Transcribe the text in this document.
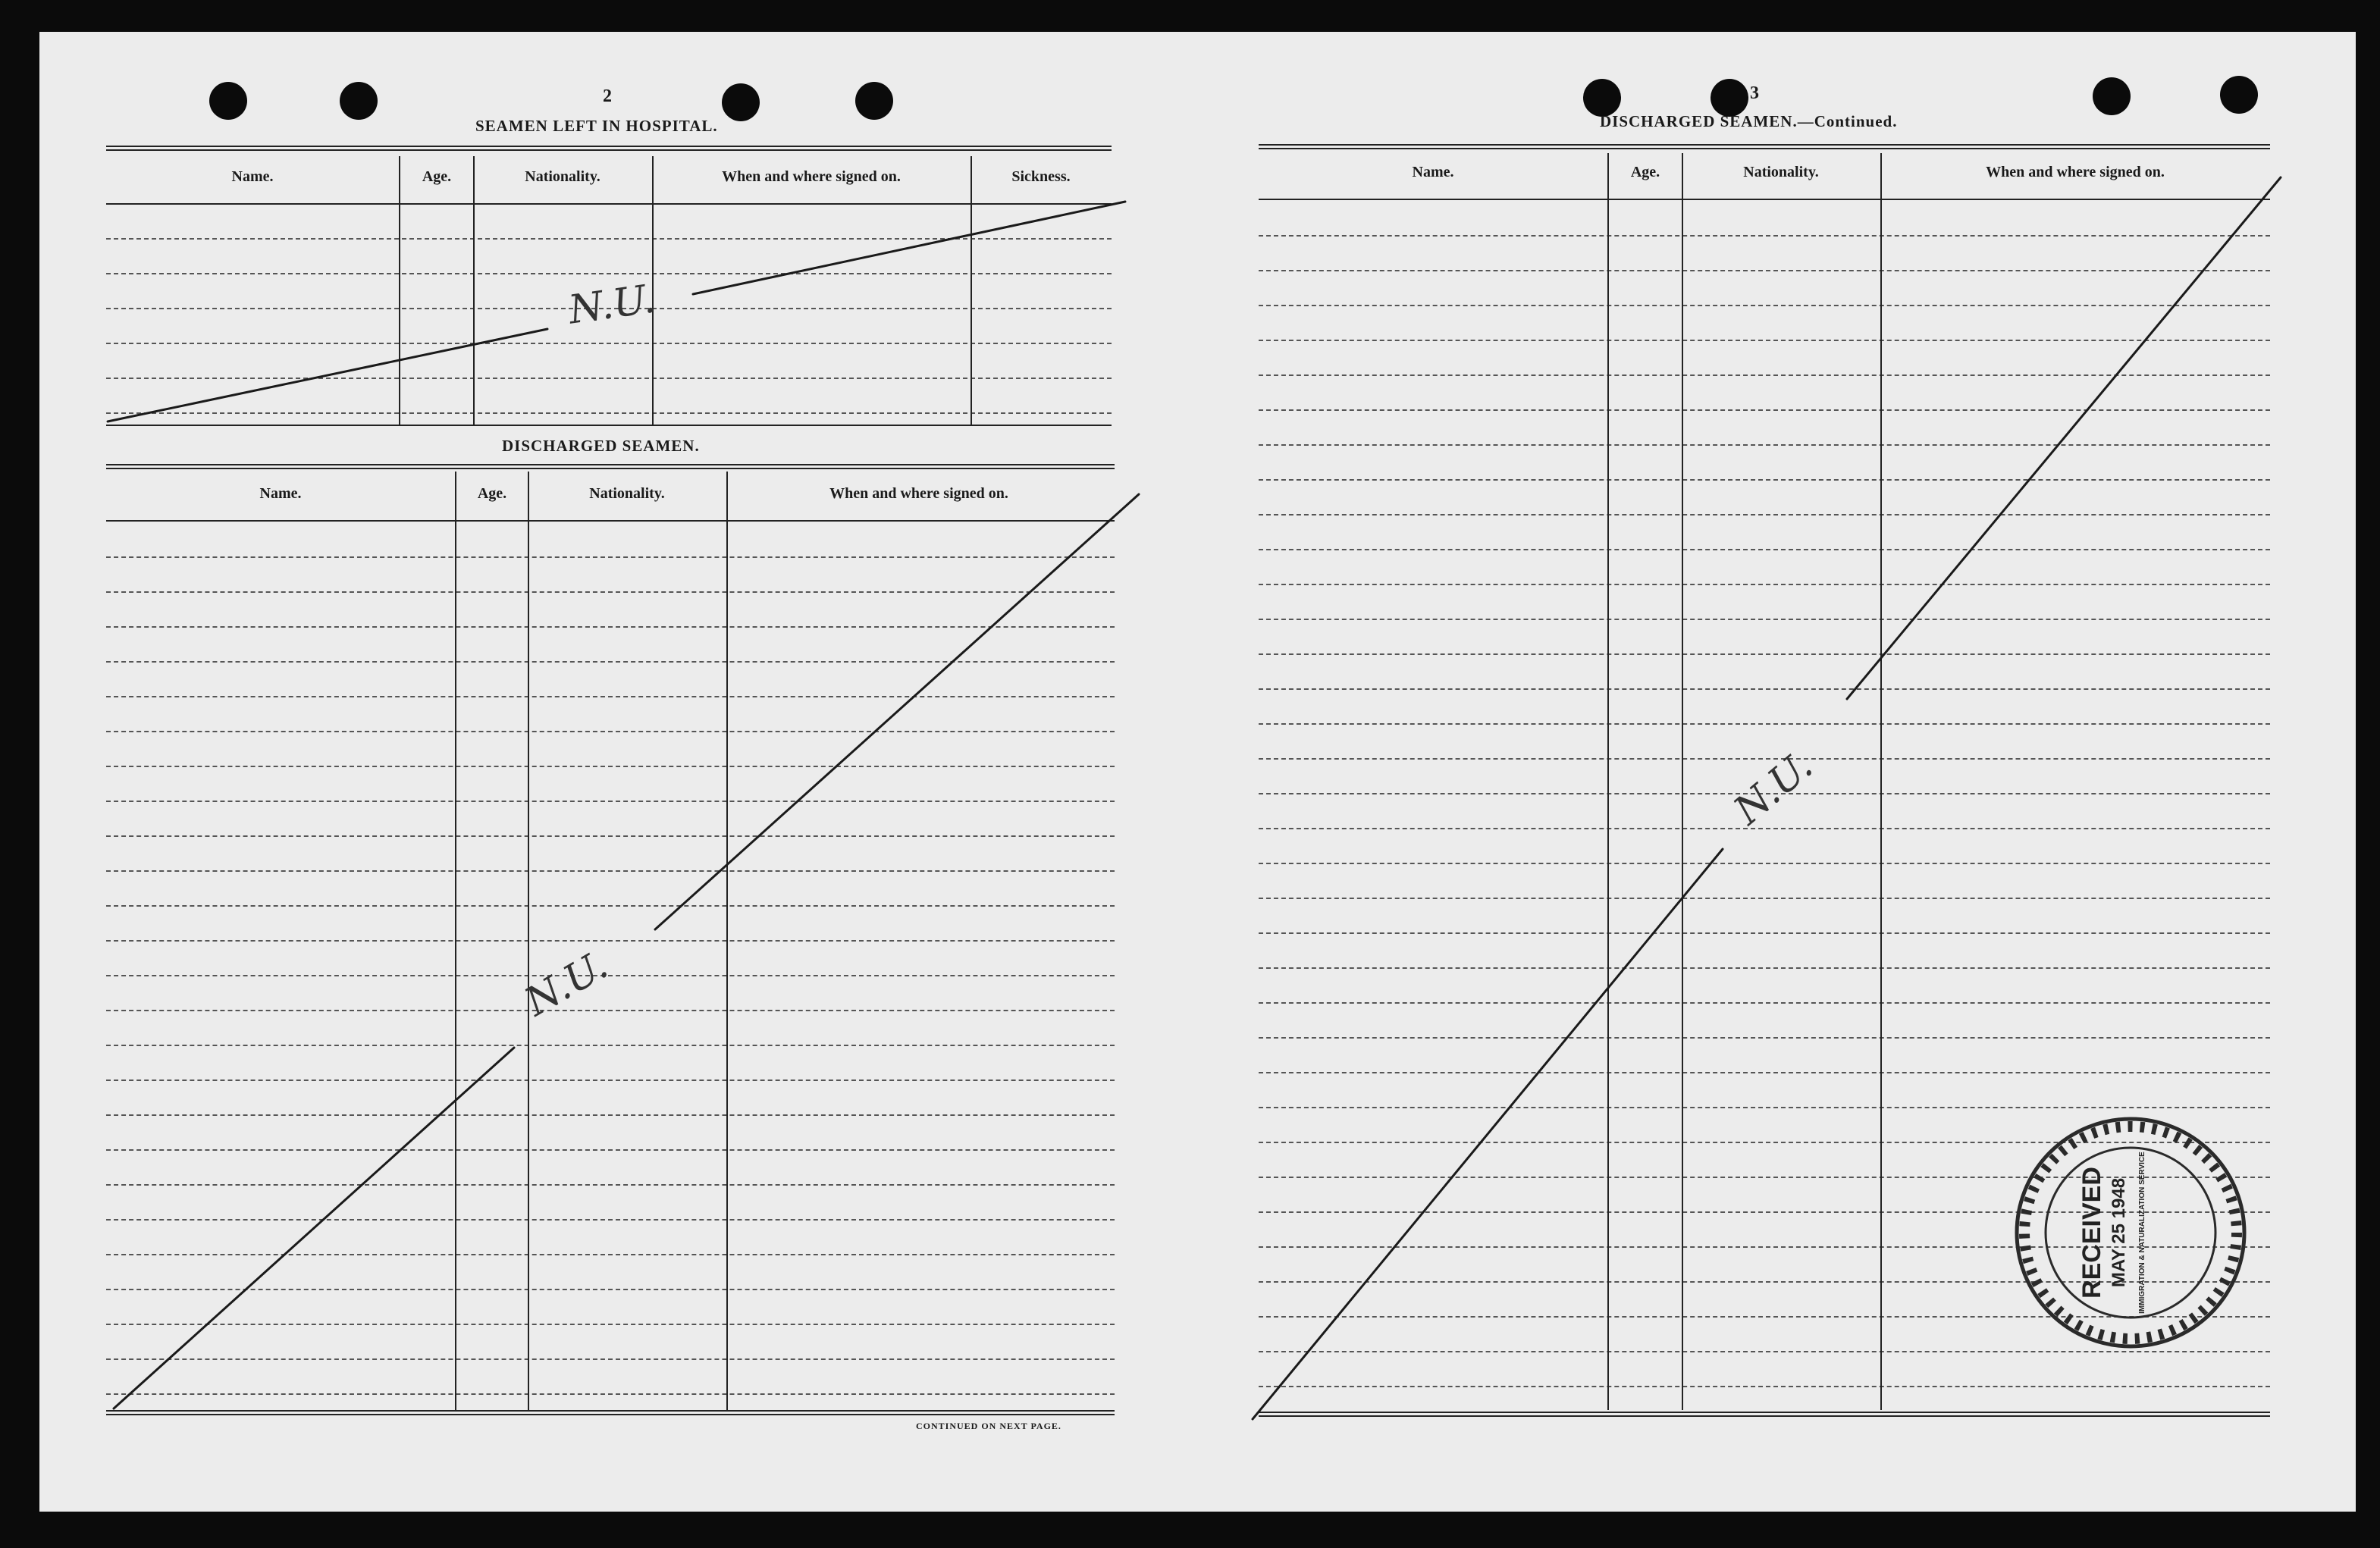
2
SEAMEN LEFT IN HOSPITAL.
Name.	Age.	Nationality.	When and where signed on.	Sickness.
DISCHARGED SEAMEN.
Name.	Age.	Nationality.	When and where signed on.
CONTINUED ON NEXT PAGE.
3
DISCHARGED SEAMEN.—Continued.
Name.	Age.	Nationality.	When and where signed on.
N.U.
N.U.
N.U.
RECEIVED MAY 25 1948 IMMIGRATION & NATURALIZATION SERVICE
